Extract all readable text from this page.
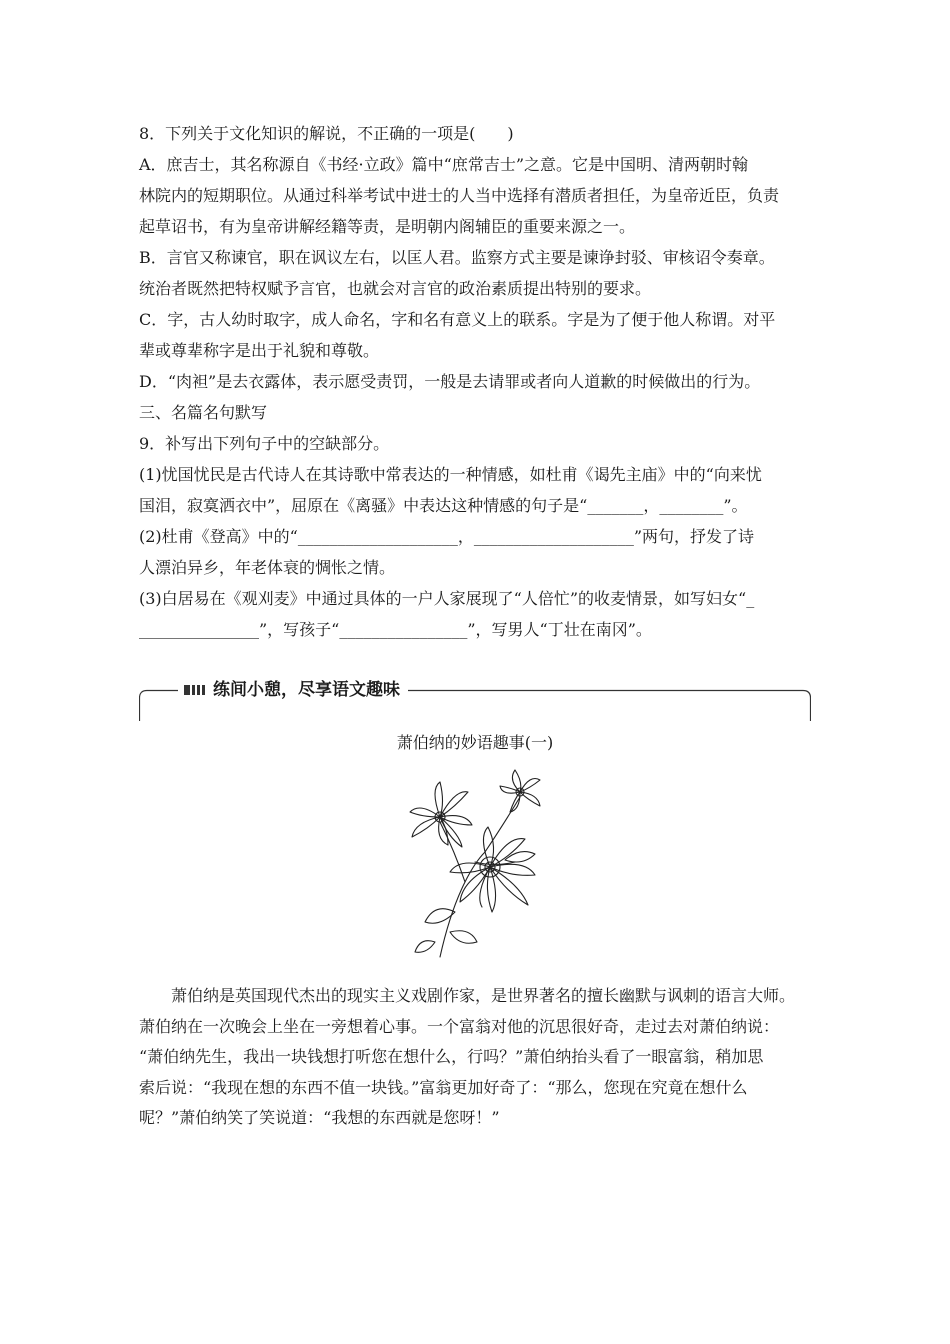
8．下列关于文化知识的解说，不正确的一项是(　　)
A．庶吉士，其名称源自《书经·立政》篇中“庶常吉士”之意。它是中国明、清两朝时翰
林院内的短期职位。从通过科举考试中进士的人当中选择有潜质者担任，为皇帝近臣，负责
起草诏书，有为皇帝讲解经籍等责，是明朝内阁辅臣的重要来源之一。
B．言官又称谏官，职在讽议左右，以匡人君。监察方式主要是谏诤封驳、审核诏令奏章。
统治者既然把特权赋予言官，也就会对言官的政治素质提出特别的要求。
C．字，古人幼时取字，成人命名，字和名有意义上的联系。字是为了便于他人称谓。对平
辈或尊辈称字是出于礼貌和尊敬。
D．“肉袒”是去衣露体，表示愿受责罚，一般是去请罪或者向人道歉的时候做出的行为。
三、名篇名句默写
9．补写出下列句子中的空缺部分。
(1)忧国忧民是古代诗人在其诗歌中常表达的一种情感，如杜甫《谒先主庙》中的“向来忧
国泪，寂寞洒衣中”，屈原在《离骚》中表达这种情感的句子是“_______，________”。
(2)杜甫《登高》中的“____________________，____________________”两句，抒发了诗
人漂泊异乡，年老体衰的惆怅之情。
(3)白居易在《观刈麦》中通过具体的一户人家展现了“人倍忙”的收麦情景，如写妇女“_
_______________”，写孩子“________________”，写男人“丁壮在南冈”。
练间小憩，尽享语文趣味
萧伯纳的妙语趣事(一)
　　萧伯纳是英国现代杰出的现实主义戏剧作家，是世界著名的擅长幽默与讽刺的语言大师。
萧伯纳在一次晚会上坐在一旁想着心事。一个富翁对他的沉思很好奇，走过去对萧伯纳说：
“萧伯纳先生，我出一块钱想打听您在想什么，行吗？”萧伯纳抬头看了一眼富翁，稍加思
索后说：“我现在想的东西不值一块钱。”富翁更加好奇了：“那么，您现在究竟在想什么
呢？”萧伯纳笑了笑说道：“我想的东西就是您呀！”
